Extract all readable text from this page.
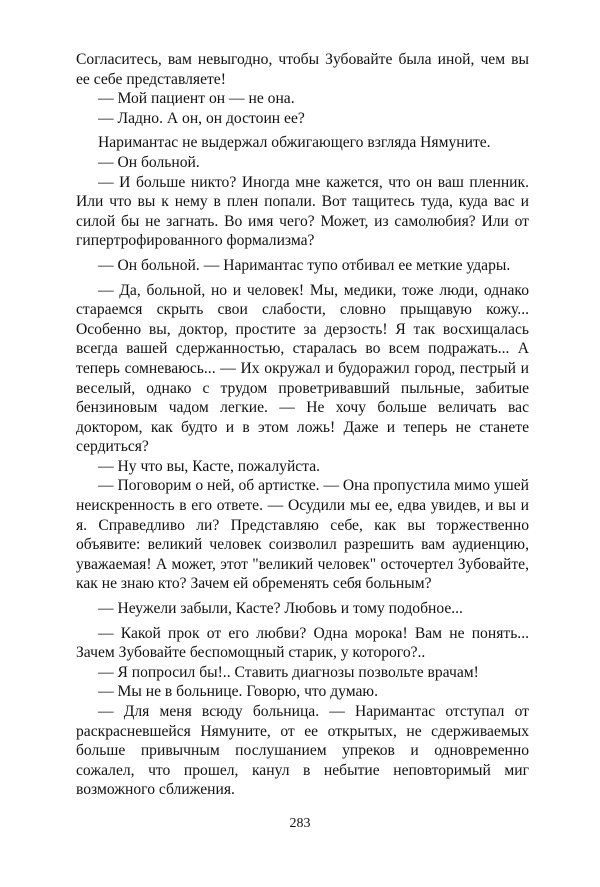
Согласитесь, вам невыгодно, чтобы Зубовайте была иной, чем вы ее себе представляете!

— Мой пациент он — не она.

— Ладно. А он, он достоин ее?

Наримантас не выдержал обжигающего взгляда Нямуните.

— Он больной.

— И больше никто? Иногда мне кажется, что он ваш пленник. Или что вы к нему в плен попали. Вот тащитесь туда, куда вас и силой бы не загнать. Во имя чего? Может, из самолюбия? Или от гипертрофированного формализма?

— Он больной. — Наримантас тупо отбивал ее меткие удары.

— Да, больной, но и человек! Мы, медики, тоже люди, однако стараемся скрыть свои слабости, словно прыщавую кожу... Особенно вы, доктор, простите за дерзость! Я так восхищалась всегда вашей сдержанностью, старалась во всем подражать... А теперь сомневаюсь... — Их окружал и будоражил город, пестрый и веселый, однако с трудом проветривавший пыльные, забитые бензиновым чадом легкие. — Не хочу больше величать вас доктором, как будто и в этом ложь! Даже и теперь не станете сердиться?

— Ну что вы, Касте, пожалуйста.

— Поговорим о ней, об артистке. — Она пропустила мимо ушей неискренность в его ответе. — Осудили мы ее, едва увидев, и вы и я. Справедливо ли? Представляю себе, как вы торжественно объявите: великий человек соизволил разрешить вам аудиенцию, уважаемая! А может, этот "великий человек" осточертел Зубовайте, как не знаю кто? Зачем ей обременять себя больным?

— Неужели забыли, Касте? Любовь и тому подобное...

— Какой прок от его любви? Одна морока! Вам не понять... Зачем Зубовайте беспомощный старик, у которого?..

— Я попросил бы!.. Ставить диагнозы позвольте врачам!

— Мы не в больнице. Говорю, что думаю.

— Для меня всюду больница. — Наримантас отступал от раскрасневшейся Нямуните, от ее открытых, не сдерживаемых больше привычным послушанием упреков и одновременно сожалел, что прошел, канул в небытие неповторимый миг возможного сближения.

283
